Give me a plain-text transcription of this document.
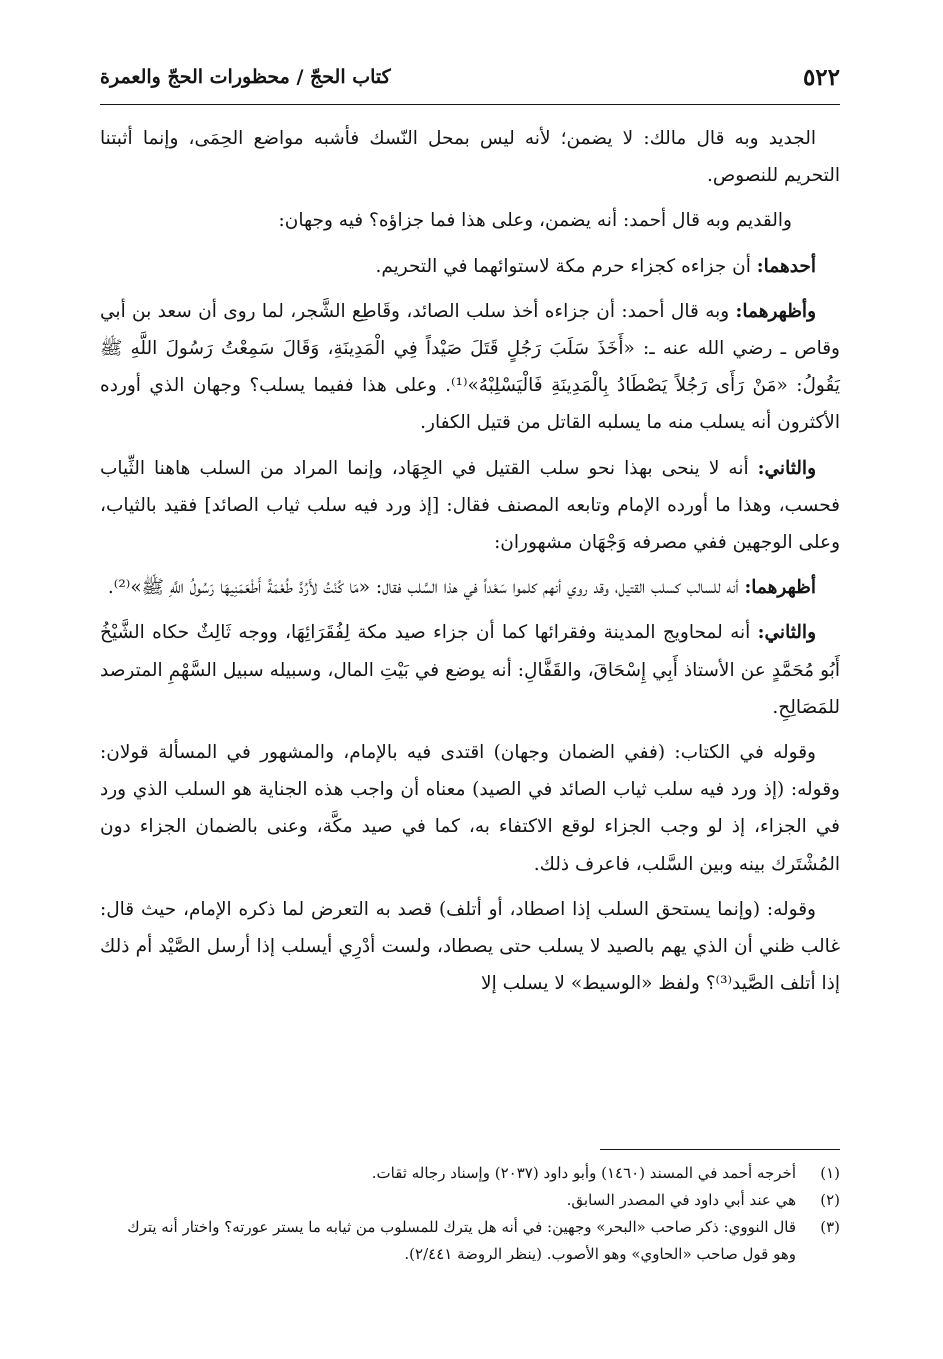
٥٢٢
كتاب الحجّ / محظورات الحجّ والعمرة

الجديد وبه قال مالك: لا يضمن؛ لأنه ليس بمحل النّسك فأشبه مواضع الحِمَى، وإنما أثبتنا التحريم للنصوص.

والقديم وبه قال أحمد: أنه يضمن، وعلى هذا فما جزاؤه؟ فيه وجهان:

أحدهما: أن جزاءه كجزاء حرم مكة لاستوائهما في التحريم.

وأظهرهما: وبه قال أحمد: أن جزاءه أخذ سلب الصائد، وقَاطِع الشَّجر، لما روى أن سعد بن أبي وقاص ـ رضي الله عنه ـ: «أَخَذَ سَلَبَ رَجُلٍ قَتَلَ صَيْداً فِي الْمَدِينَةِ، وَقَالَ سَمِعْتُ رَسُولَ اللَّهِ ﷺ يَقُولُ: «مَنْ رَأَى رَجُلاً يَصْطَادُ بِالْمَدِينَةِ فَالْيَسْلِبْهُ»⁽¹⁾. وعلى هذا ففيما يسلب؟ وجهان الذي أورده الأكثرون أنه يسلب منه ما يسلبه القاتل من قتيل الكفار.

والثاني: أنه لا ينحى بهذا نحو سلب القتيل في الجِهَاد، وإنما المراد من السلب هاهنا الثِّياب فحسب، وهذا ما أورده الإمام وتابعه المصنف فقال: [إذ ورد فيه سلب ثياب الصائد] فقيد بالثياب، وعلى الوجهين ففي مصرفه وَجْهَان مشهوران:

أظهرهما: أنه للسالب كسلب القتيل، وقد روي أنهم كلموا سَعْداً في هذا السَّلب فقال: «مَا كُنْتُ لأَرُدَّ طُعْمَةً أَطْعَمَنِيهَا رَسُولُ اللَّهِ ﷺ»⁽²⁾.

والثاني: أنه لمحاويج المدينة وفقرائها كما أن جزاء صيد مكة لِفُقَرَائِهَا، ووجه ثَالِثٌ حكاه الشَّيْخُ أَبُو مُحَمَّدٍ عن الأستاذ أَبِي إِسْحَاقَ، والقَفَّالِ: أنه يوضع في بَيْتِ المال، وسبيله سبيل السَّهْمِ المترصد للمَصَالِحِ.

وقوله في الكتاب: (ففي الضمان وجهان) اقتدى فيه بالإمام، والمشهور في المسألة قولان: وقوله: (إذ ورد فيه سلب ثياب الصائد في الصيد) معناه أن واجب هذه الجناية هو السلب الذي ورد في الجزاء، إذ لو وجب الجزاء لوقع الاكتفاء به، كما في صيد مكَّة، وعنى بالضمان الجزاء دون المُشْتَرك بينه وبين السَّلب، فاعرف ذلك.

وقوله: (وإنما يستحق السلب إذا اصطاد، أو أتلف) قصد به التعرض لما ذكره الإمام، حيث قال: غالب ظني أن الذي يهم بالصيد لا يسلب حتى يصطاد، ولست أدْرِي أيسلب إذا أرسل الصَّيْد أم ذلك إذا أتلف الصَّيد⁽³⁾؟ ولفظ «الوسيط» لا يسلب إلا

(١)
أخرجه أحمد في المسند (١٤٦٠) وأبو داود (٢٠٣٧) وإسناد رجاله ثقات.
(٢)
هي عند أبي داود في المصدر السابق.
(٣)
قال النووي: ذكر صاحب «البحر» وجهين: في أنه هل يترك للمسلوب من ثيابه ما يستر عورته؟ واختار أنه يترك وهو قول صاحب «الحاوي» وهو الأصوب. (ينظر الروضة ٢/٤٤١).
